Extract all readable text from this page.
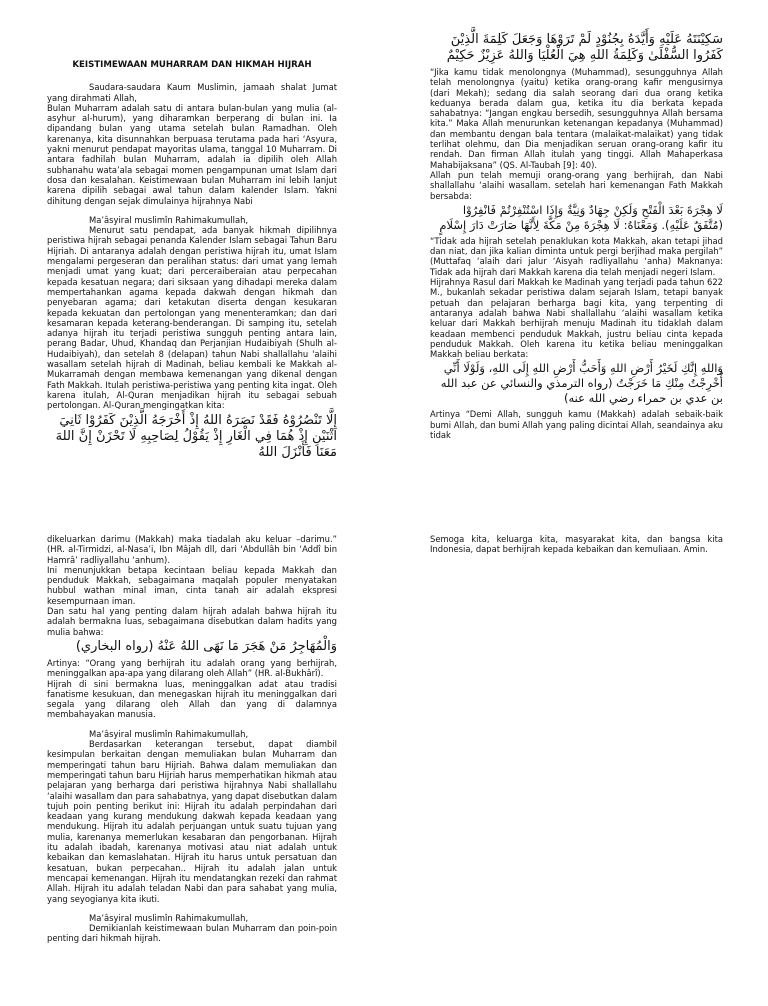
KEISTIMEWAAN MUHARRAM DAN HIKMAH HIJRAH

Saudara-saudara Kaum Muslimin, jamaah shalat Jumat yang dirahmati Allah,

Bulan Muharram adalah satu di antara bulan-bulan yang mulia (al-asyhur al-hurum), yang diharamkan berperang di bulan ini. Ia dipandang bulan yang utama setelah bulan Ramadhan. Oleh karenanya, kita disunnahkan berpuasa terutama pada hari ‘Asyura, yakni menurut pendapat mayoritas ulama, tanggal 10 Muharram. Di antara fadhilah bulan Muharram, adalah ia dipilih oleh Allah subhanahu wata’ala sebagai momen pengampunan umat Islam dari dosa dan kesalahan. Keistimewaan bulan Muharram ini lebih lanjut karena dipilih sebagai awal tahun dalam kalender Islam. Yakni dihitung dengan sejak dimulainya hijrahnya Nabi

Ma’âsyiral muslimîn Rahimakumullah,

Menurut satu pendapat, ada banyak hikmah dipilihnya peristiwa hijrah sebagai penanda Kalender Islam sebagai Tahun Baru Hijriah. Di antaranya adalah dengan peristiwa hijrah itu, umat Islam mengalami pergeseran dan peralihan status: dari umat yang lemah menjadi umat yang kuat; dari perceraiberaian atau perpecahan kepada kesatuan negara; dari siksaan yang dihadapi mereka dalam mempertahankan agama kepada dakwah dengan hikmah dan penyebaran agama; dari ketakutan diserta dengan kesukaran kepada kekuatan dan pertolongan yang menenteramkan; dan dari kesamaran kepada keterang-benderangan. Di samping itu, setelah adanya hijrah itu terjadi peristiwa sungguh penting antara lain, perang Badar, Uhud, Khandaq dan Perjanjian Hudaibiyah (Shulh al-Hudaibiyah), dan setelah 8 (delapan) tahun Nabi shallallahu 'alaihi wasallam setelah hijrah di Madinah, beliau kembali ke Makkah al-Mukarramah dengan membawa kemenangan yang dikenal dengan Fath Makkah. Itulah peristiwa-peristiwa yang penting kita ingat. Oleh karena itulah, Al-Quran menjadikan hijrah itu sebagai sebuah pertolongan. Al-Quran mengingatkan kita:

إِلَّا تَنْصُرُوْهُ فَقَدْ نَصَرَهُ اللهُ إِذْ أَخْرَجَهُ الَّذِيْنَ كَفَرُوْا ثَانِيَ اثْنَيْنِ إِذْ هُمَا فِي الْغَارِ إِذْ يَقُوْلُ لِصَاحِبِهِ لَا تَحْزَنْ إِنَّ اللهَ مَعَنَا فَأَنْزَلَ اللهُ
سَكِيْنَتَهُ عَلَيْهِ وَأَيَّدَهُ بِجُنُوْدٍ لَمْ تَرَوْهَا وَجَعَلَ كَلِمَةَ الَّذِيْنَ كَفَرُوا السُّفْلَىٰ وَكَلِمَةُ اللهِ هِيَ الْعُلْيَا وَاللهُ عَزِيْزٌ حَكِيْمٌ

“Jika kamu tidak menolongnya (Muhammad), sesungguhnya Allah telah menolongnya (yaitu) ketika orang-orang kafir mengusirnya (dari Mekah); sedang dia salah seorang dari dua orang ketika keduanya berada dalam gua, ketika itu dia berkata kepada sahabatnya: “Jangan engkau bersedih, sesungguhnya Allah bersama kita.” Maka Allah menurunkan ketenangan kepadanya (Muhammad) dan membantu dengan bala tentara (malaikat-malaikat) yang tidak terlihat olehmu, dan Dia menjadikan seruan orang-orang kafir itu rendah. Dan firman Allah itulah yang tinggi. Allah Mahaperkasa Mahabijaksana” (QS. Al-Taubah [9]: 40).

Allah pun telah memuji orang-orang yang berhijrah, dan Nabi shallallahu ‘alaihi wasallam. setelah hari kemenangan Fath Makkah bersabda:

لَا هِجْرَةَ بَعْدَ الْفَتْحِ وَلَكِنْ جِهَادٌ وَنِيَّةٌ وَإِذَا اسْتُنْفِرْتُمْ فَانْفِرُوْا (مُتَّفَقٌ عَلَيْهِ). وَمَعْنَاهُ: لَا هِجْرَةَ مِنْ مَكَّةَ لِأَنَّهَا صَارَتْ دَارَ إِسْلَامٍ

“Tidak ada hijrah setelah penaklukan kota Makkah, akan tetapi jihad dan niat, dan jika kalian diminta untuk pergi berjihad maka pergilah” (Muttafaq ‘alaih dari jalur ‘Aisyah radliyallahu ‘anha) Maknanya: Tidak ada hijrah dari Makkah karena dia telah menjadi negeri Islam.

Hijrahnya Rasul dari Makkah ke Madinah yang terjadi pada tahun 622 M., bukanlah sekadar peristiwa dalam sejarah Islam, tetapi banyak petuah dan pelajaran berharga bagi kita, yang terpenting di antaranya adalah bahwa Nabi shallallahu ‘alaihi wasallam ketika keluar dari Makkah berhijrah menuju Madinah itu tidaklah dalam keadaan membenci penduduk Makkah, justru beliau cinta kepada penduduk Makkah. Oleh karena itu ketika beliau meninggalkan Makkah beliau berkata:

وَاللهِ إِنَّكِ لَخَيْرُ أَرْضِ اللهِ وَأَحَبُّ أَرْضِ اللهِ إِلَى اللهِ، وَلَوْلَا أَنِّي أُخْرِجْتُ مِنْكِ مَا خَرَجْتُ (رواه الترمذي والنسائي عن عبد الله بن عدي بن حمراء رضي الله عنه)

Artinya “Demi Allah, sungguh kamu (Makkah) adalah sebaik-baik bumi Allah, dan bumi Allah yang paling dicintai Allah, seandainya aku tidak

dikeluarkan darimu (Makkah) maka tiadalah aku keluar –darimu.” (HR. al-Tirmidzi, al-Nasa’i, Ibn Mâjah dll, dari ‘Abdullâh bin ‘Addî bin Hamrâ’ radliyallahu ‘anhum).

Ini menunjukkan betapa kecintaan beliau kepada Makkah dan penduduk Makkah, sebagaimana maqalah populer menyatakan hubbul wathan minal iman, cinta tanah air adalah ekspresi kesempurnaan iman.

Dan satu hal yang penting dalam hijrah adalah bahwa hijrah itu adalah bermakna luas, sebagaimana disebutkan dalam hadits yang mulia bahwa:

وَالْمُهَاجِرُ مَنْ هَجَرَ مَا نَهَى اللهُ عَنْهُ (رواه البخاري)

Artinya: “Orang yang berhijrah itu adalah orang yang berhijrah, meninggalkan apa-apa yang dilarang oleh Allah” (HR. al-Bukhârî).

Hijrah di sini bermakna luas, meninggalkan adat atau tradisi fanatisme kesukuan, dan menegaskan hijrah itu meninggalkan dari segala yang dilarang oleh Allah dan yang di dalamnya membahayakan manusia.

Ma’âsyiral muslimîn Rahimakumullah,

Berdasarkan keterangan tersebut, dapat diambil kesimpulan berkaitan dengan memuliakan bulan Muharram dan memperingati tahun baru Hijriah. Bahwa dalam memuliakan dan memperingati tahun baru Hijriah harus memperhatikan hikmah atau pelajaran yang berharga dari peristiwa hijrahnya Nabi shallallahu ‘alaihi wasallam dan para sahabatnya, yang dapat disebutkan dalam tujuh poin penting berikut ini: Hijrah itu adalah perpindahan dari keadaan yang kurang mendukung dakwah kepada keadaan yang mendukung. Hijrah itu adalah perjuangan untuk suatu tujuan yang mulia, karenanya memerlukan kesabaran dan pengorbanan. Hijrah itu adalah ibadah, karenanya motivasi atau niat adalah untuk kebaikan dan kemaslahatan. Hijrah itu harus untuk persatuan dan kesatuan, bukan perpecahan.. Hijrah itu adalah jalan untuk mencapai kemenangan. Hijrah itu mendatangkan rezeki dan rahmat Allah. Hijrah itu adalah teladan Nabi dan para sahabat yang mulia, yang seyogianya kita ikuti.

Ma’âsyiral muslimîn Rahimakumullah,

Demikianlah keistimewaan bulan Muharram dan poin-poin penting dari hikmah hijrah.

Semoga kita, keluarga kita, masyarakat kita, dan bangsa kita Indonesia, dapat berhijrah kepada kebaikan dan kemuliaan. Amin.
